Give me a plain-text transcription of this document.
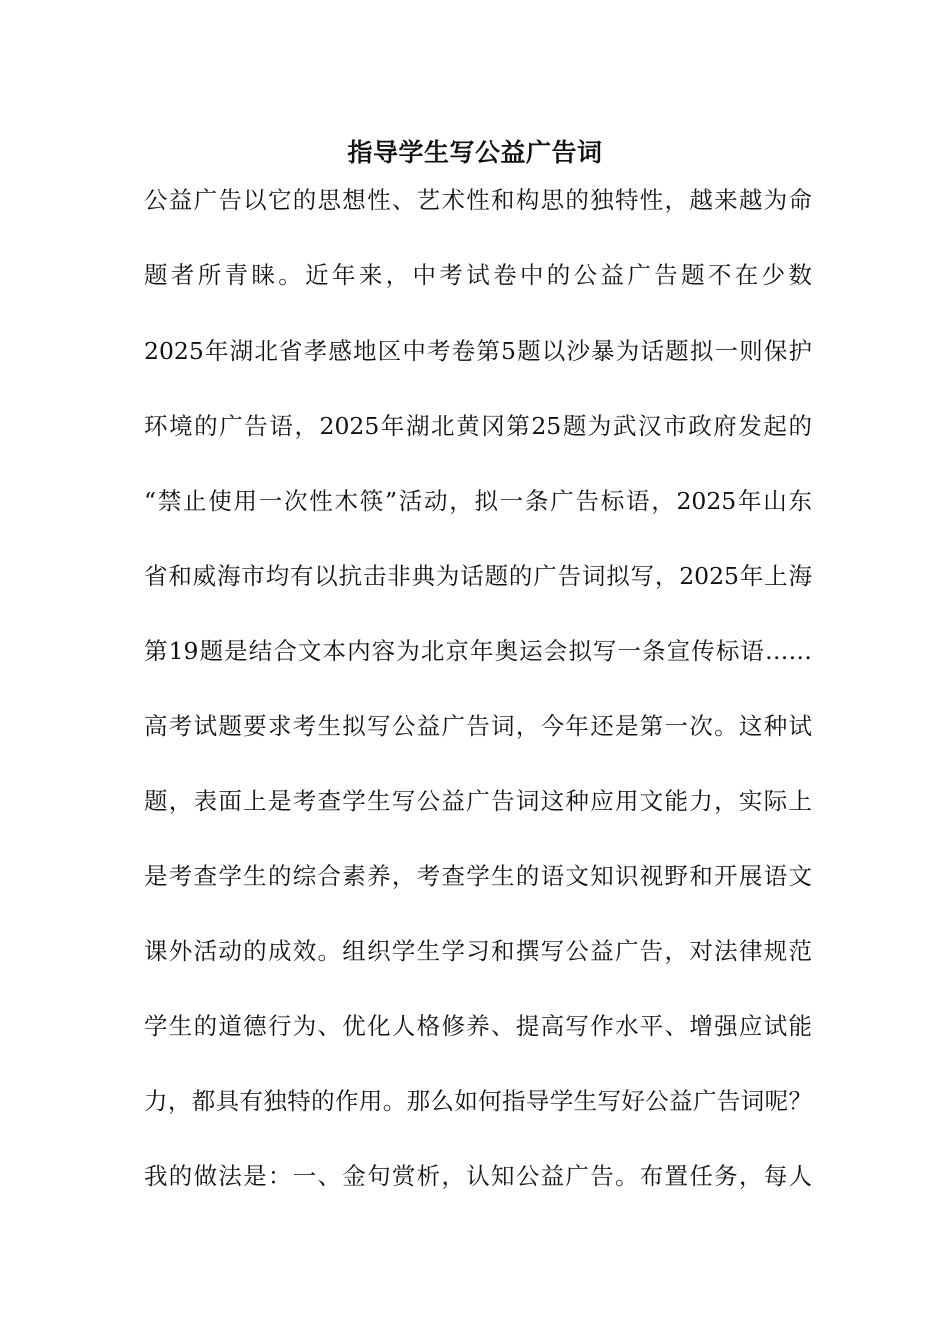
指导学生写公益广告词
公益广告以它的思想性、艺术性和构思的独特性，越来越为命
题者所青睐。近年来，中考试卷中的公益广告题不在少数
2025年湖北省孝感地区中考卷第5题以沙暴为话题拟一则保护
环境的广告语，2025年湖北黄冈第25题为武汉市政府发起的
“禁止使用一次性木筷”活动，拟一条广告标语，2025年山东
省和威海市均有以抗击非典为话题的广告词拟写，2025年上海
第19题是结合文本内容为北京年奥运会拟写一条宣传标语……
高考试题要求考生拟写公益广告词，今年还是第一次。这种试
题，表面上是考查学生写公益广告词这种应用文能力，实际上
是考查学生的综合素养，考查学生的语文知识视野和开展语文
课外活动的成效。组织学生学习和撰写公益广告，对法律规范
学生的道德行为、优化人格修养、提高写作水平、增强应试能
力，都具有独特的作用。那么如何指导学生写好公益广告词呢？
我的做法是：一、金句赏析，认知公益广告。布置任务，每人
